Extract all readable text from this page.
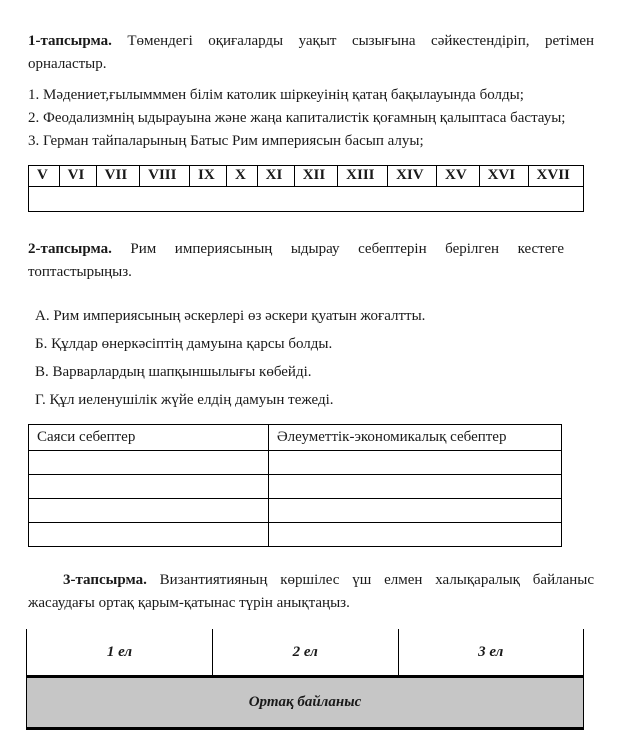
1-тапсырма. Төмендегі оқиғаларды уақыт сызығына сәйкестендіріп, ретімен орналастыр.

1. Мәдениет,ғылымммен білім католик шіркеуінің қатаң бақылауында болды;

2. Феодализмнің ыдырауына және жаңа капиталистік қоғамның қалыптаса бастауы;

3. Герман тайпаларының Батыс Рим империясын басып алуы;

V	VI	VII	VIII	IX	X	XI	XII	XIII	XIV	XV	XVI	XVII

2-тапсырма. Рим империясының ыдырау себептерін берілген кестеге топтастырыңыз.

А. Рим империясының әскерлері өз әскери қуатын жоғалтты.

Б. Құлдар өнеркәсіптің дамуына қарсы болды.

В. Варварлардың шапқыншылығы көбейді.

Г. Құл иеленушілік жүйе елдің дамуын тежеді.

Саяси себептер	Әлеуметтік-экономикалық себептер

3-тапсырма. Византиятияның көршілес үш елмен халықаралық байланыс жасаудағы ортақ қарым-қатынас түрін анықтаңыз.

1 ел	2 ел	3 ел
Ортақ байланыс
